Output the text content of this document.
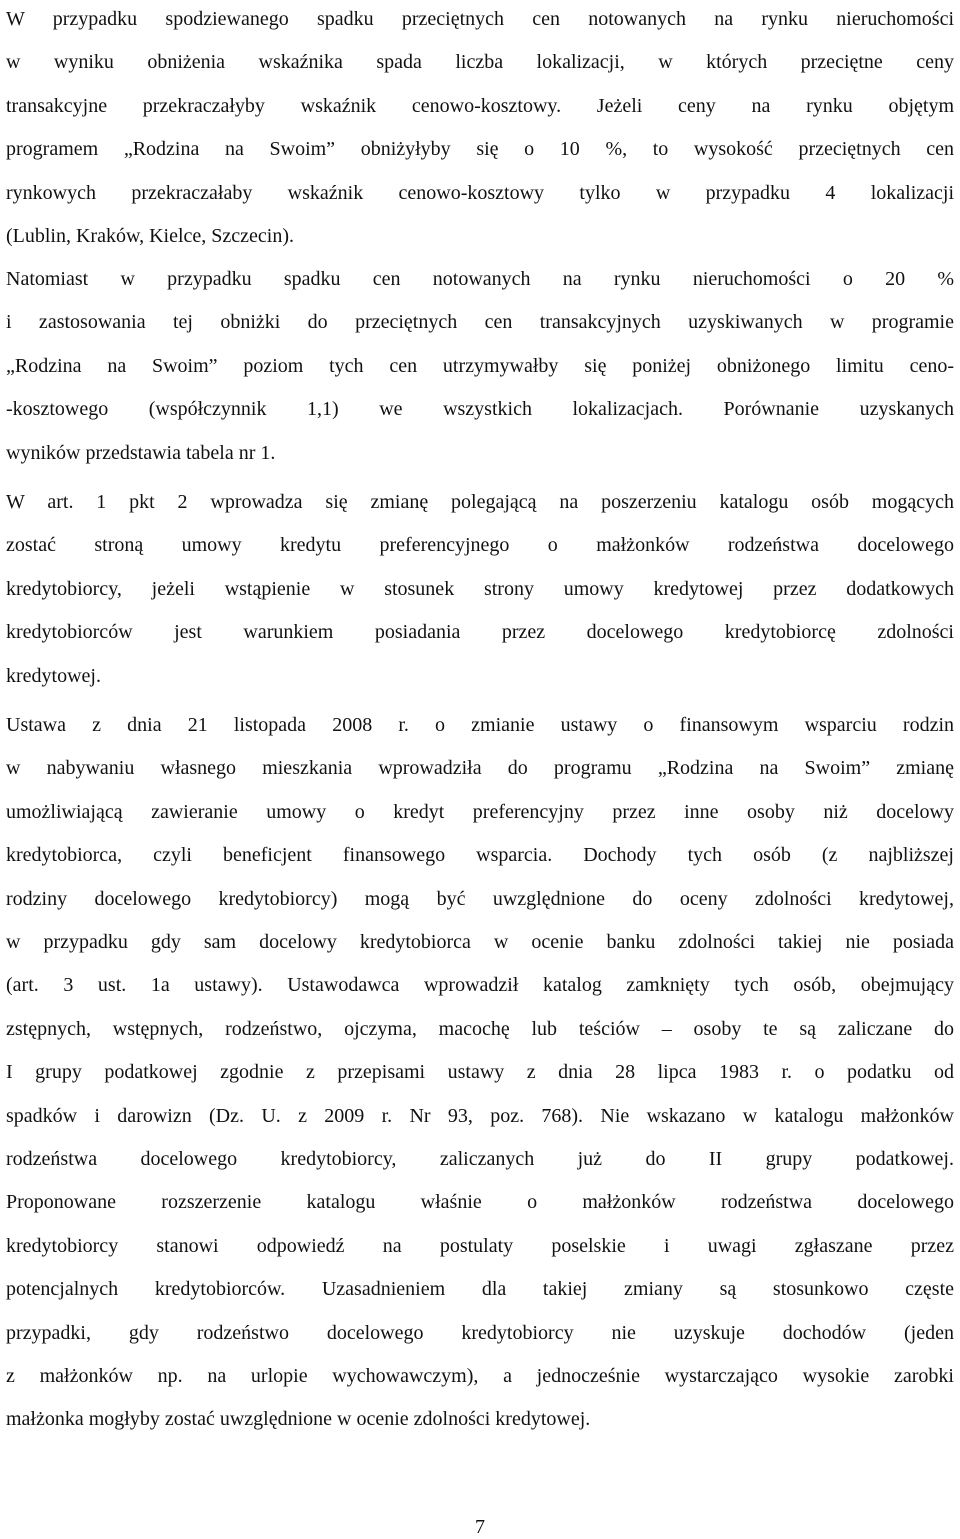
W przypadku spodziewanego spadku przeciętnych cen notowanych na rynku nieruchomości
w wyniku obniżenia wskaźnika spada liczba lokalizacji, w których przeciętne ceny
transakcyjne przekraczałyby wskaźnik cenowo-kosztowy. Jeżeli ceny na rynku objętym
programem „Rodzina na Swoim” obniżyłyby się o 10 %, to wysokość przeciętnych cen
rynkowych przekraczałaby wskaźnik cenowo-kosztowy tylko w przypadku 4 lokalizacji
(Lublin, Kraków, Kielce, Szczecin).
Natomiast w przypadku spadku cen notowanych na rynku nieruchomości o 20 %
i zastosowania tej obniżki do przeciętnych cen transakcyjnych uzyskiwanych w programie
„Rodzina na Swoim” poziom tych cen utrzymywałby się poniżej obniżonego limitu ceno-
-kosztowego (współczynnik 1,1) we wszystkich lokalizacjach. Porównanie uzyskanych
wyników przedstawia tabela nr 1.
W art. 1 pkt 2 wprowadza się zmianę polegającą na poszerzeniu katalogu osób mogących
zostać stroną umowy kredytu preferencyjnego o małżonków rodzeństwa docelowego
kredytobiorcy, jeżeli wstąpienie w stosunek strony umowy kredytowej przez dodatkowych
kredytobiorców jest warunkiem posiadania przez docelowego kredytobiorcę zdolności
kredytowej.
Ustawa z dnia 21 listopada 2008 r. o zmianie ustawy o finansowym wsparciu rodzin
w nabywaniu własnego mieszkania wprowadziła do programu „Rodzina na Swoim” zmianę
umożliwiającą zawieranie umowy o kredyt preferencyjny przez inne osoby niż docelowy
kredytobiorca, czyli beneficjent finansowego wsparcia. Dochody tych osób (z najbliższej
rodziny docelowego kredytobiorcy) mogą być uwzględnione do oceny zdolności kredytowej,
w przypadku gdy sam docelowy kredytobiorca w ocenie banku zdolności takiej nie posiada
(art. 3 ust. 1a ustawy). Ustawodawca wprowadził katalog zamknięty tych osób, obejmujący
zstępnych, wstępnych, rodzeństwo, ojczyma, macochę lub teściów – osoby te są zaliczane do
I grupy podatkowej zgodnie z przepisami ustawy z dnia 28 lipca 1983 r. o podatku od
spadków i darowizn (Dz. U. z 2009 r. Nr 93, poz. 768). Nie wskazano w katalogu małżonków
rodzeństwa docelowego kredytobiorcy, zaliczanych już do II grupy podatkowej.
Proponowane rozszerzenie katalogu właśnie o małżonków rodzeństwa docelowego
kredytobiorcy stanowi odpowiedź na postulaty poselskie i uwagi zgłaszane przez
potencjalnych kredytobiorców. Uzasadnieniem dla takiej zmiany są stosunkowo częste
przypadki, gdy rodzeństwo docelowego kredytobiorcy nie uzyskuje dochodów (jeden
z małżonków np. na urlopie wychowawczym), a jednocześnie wystarczająco wysokie zarobki
małżonka mogłyby zostać uwzględnione w ocenie zdolności kredytowej.
7
